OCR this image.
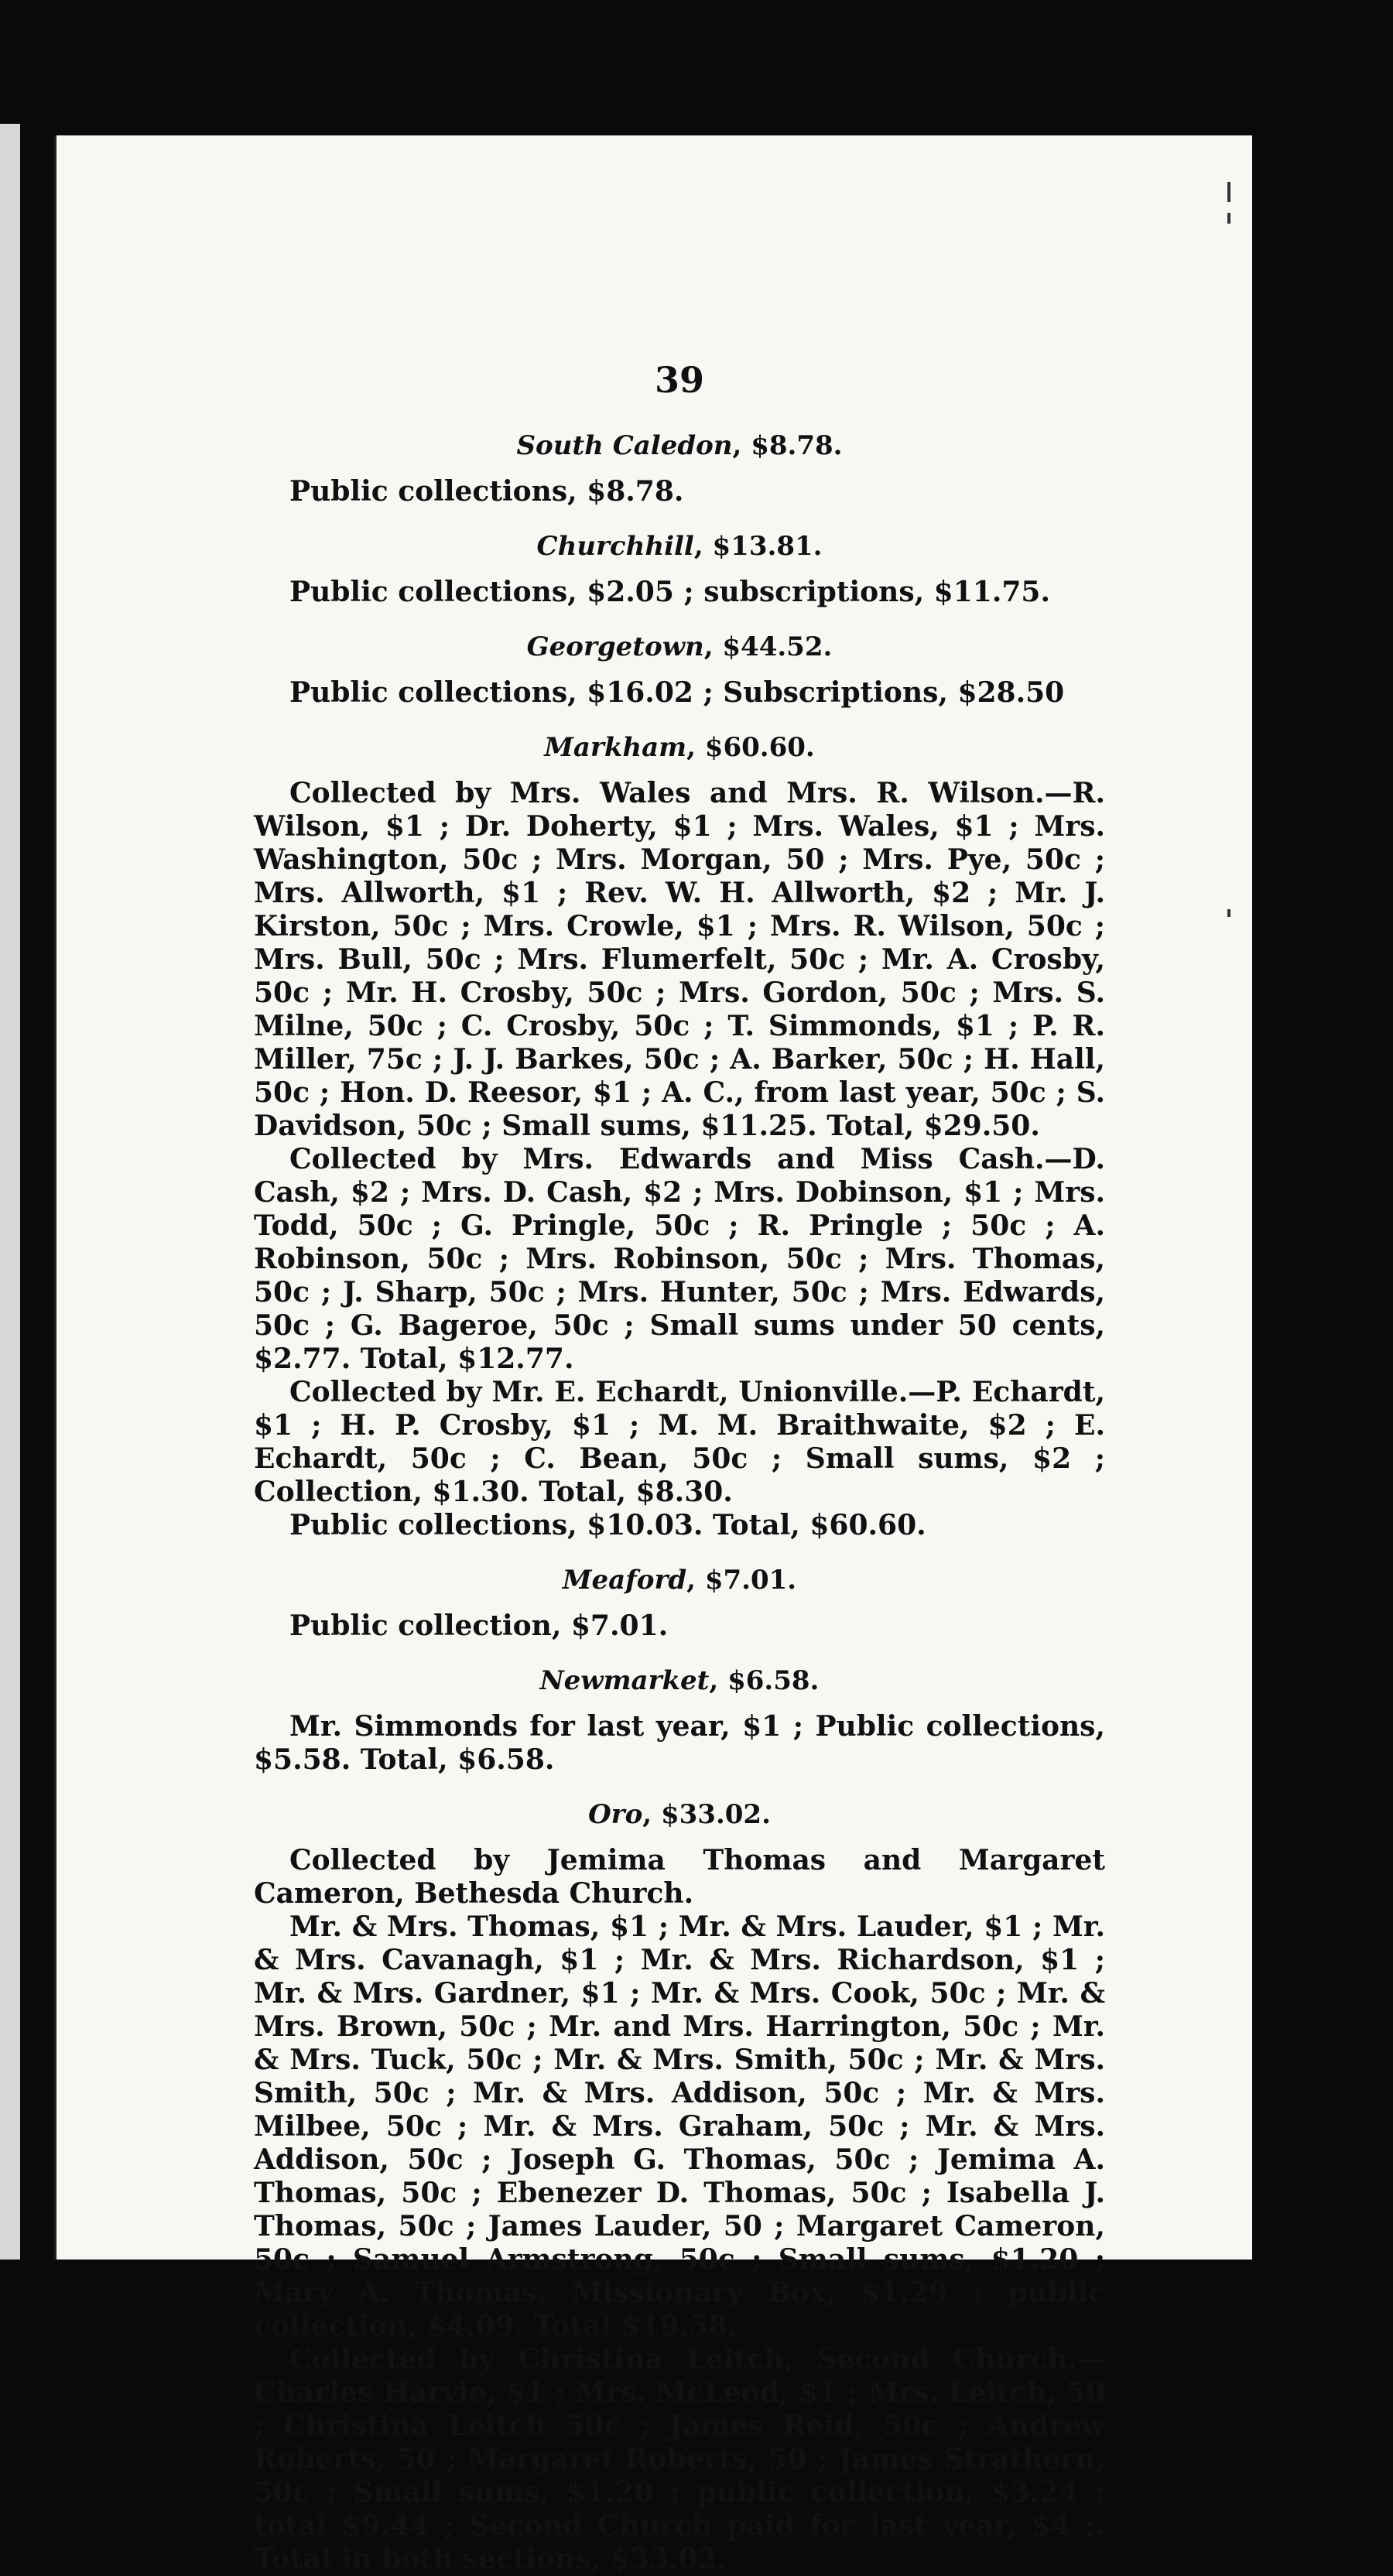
39
South Caledon, $8.78.

Public collections, $8.78.

Churchhill, $13.81.

Public collections, $2.05 ; subscriptions, $11.75.

Georgetown, $44.52.

Public collections, $16.02 ; Subscriptions, $28.50

Markham, $60.60.

Collected by Mrs. Wales and Mrs. R. Wilson.—R. Wilson, $1 ; Dr. Doherty, $1 ; Mrs. Wales, $1 ; Mrs. Washington, 50c ; Mrs. Morgan, 50 ; Mrs. Pye, 50c ; Mrs. Allworth, $1 ; Rev. W. H. Allworth, $2 ; Mr. J. Kirston, 50c ; Mrs. Crowle, $1 ; Mrs. R. Wilson, 50c ; Mrs. Bull, 50c ; Mrs. Flumerfelt, 50c ; Mr. A. Crosby, 50c ; Mr. H. Crosby, 50c ; Mrs. Gordon, 50c ; Mrs. S. Milne, 50c ; C. Crosby, 50c ; T. Simmonds, $1 ; P. R. Miller, 75c ; J. J. Barkes, 50c ; A. Barker, 50c ; H. Hall, 50c ; Hon. D. Reesor, $1 ; A. C., from last year, 50c ; S. Davidson, 50c ; Small sums, $11.25. Total, $29.50.

Collected by Mrs. Edwards and Miss Cash.—D. Cash, $2 ; Mrs. D. Cash, $2 ; Mrs. Dobinson, $1 ; Mrs. Todd, 50c ; G. Pringle, 50c ; R. Pringle ; 50c ; A. Robinson, 50c ; Mrs. Robinson, 50c ; Mrs. Thomas, 50c ; J. Sharp, 50c ; Mrs. Hunter, 50c ; Mrs. Edwards, 50c ; G. Bageroe, 50c ; Small sums under 50 cents, $2.77. Total, $12.77.

Collected by Mr. E. Echardt, Unionville.—P. Echardt, $1 ; H. P. Crosby, $1 ; M. M. Braithwaite, $2 ; E. Echardt, 50c ; C. Bean, 50c ; Small sums, $2 ; Collection, $1.30. Total, $8.30.

Public collections, $10.03. Total, $60.60.

Meaford, $7.01.

Public collection, $7.01.

Newmarket, $6.58.

Mr. Simmonds for last year, $1 ; Public collections, $5.58. Total, $6.58.

Oro, $33.02.

Collected by Jemima Thomas and Margaret Cameron, Bethesda Church.

Mr. & Mrs. Thomas, $1 ; Mr. & Mrs. Lauder, $1 ; Mr. & Mrs. Cavanagh, $1 ; Mr. & Mrs. Richardson, $1 ; Mr. & Mrs. Gardner, $1 ; Mr. & Mrs. Cook, 50c ; Mr. & Mrs. Brown, 50c ; Mr. and Mrs. Harrington, 50c ; Mr. & Mrs. Tuck, 50c ; Mr. & Mrs. Smith, 50c ; Mr. & Mrs. Smith, 50c ; Mr. & Mrs. Addison, 50c ; Mr. & Mrs. Milbee, 50c ; Mr. & Mrs. Graham, 50c ; Mr. & Mrs. Addison, 50c ; Joseph G. Thomas, 50c ; Jemima A. Thomas, 50c ; Ebenezer D. Thomas, 50c ; Isabella J. Thomas, 50c ; James Lauder, 50 ; Margaret Cameron, 50c ; Samuel Armstrong, 50c ; Small sums, $1.20 ; Mary A. Thomas, Missionary Box, $1.29 ; public collection, $4.09. Total $19.58.

Collected by Christina Leitch, Second Church.—Charles Harvie, $1 ; Mrs. McLeod, $1 ; Mrs. Leitch, 50 ; Christina Leitch 50c ; James Reid, 50c ; Andrew Roberts, 50 ; Margaret Roberts, 50 ; James Strathern, 50c ; Small sums, $1.20 ; public collection, $3.24 ; total $9.44 ; Second Church paid for last year, $4 ;. Total in both sections, $33.02.
